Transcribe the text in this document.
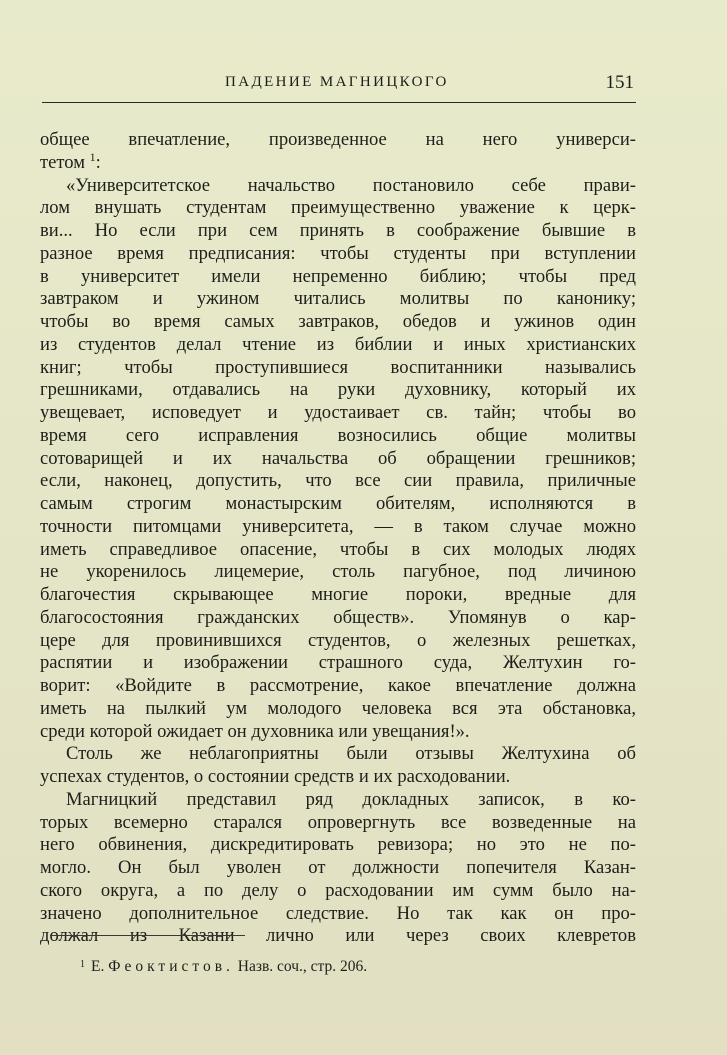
ПАДЕНИЕ МАГНИЦКОГО	151
общее впечатление, произведенное на него универси-
тетом $^1$:
«Университетское начальство постановило себе прави-
лом внушать студентам преимущественно уважение к церк-
ви... Но если при сем принять в соображение бывшие в
разное время предписания: чтобы студенты при вступлении
в университет имели непременно библию; чтобы пред
завтраком и ужином читались молитвы по канонику;
чтобы во время самых завтраков, обедов и ужинов один
из студентов делал чтение из библии и иных христианских
книг; чтобы проступившиеся воспитанники назывались
грешниками, отдавались на руки духовнику, который их
увещевает, исповедует и удостаивает св. тайн; чтобы во
время сего исправления возносились общие молитвы
сотоварищей и их начальства об обращении грешников;
если, наконец, допустить, что все сии правила, приличные
самым строгим монастырским обителям, исполняются в
точности питомцами университета, — в таком случае можно
иметь справедливое опасение, чтобы в сих молодых людях
не укоренилось лицемерие, столь пагубное, под личиною
благочестия скрывающее многие пороки, вредные для
благосостояния гражданских обществ». Упомянув о кар-
цере для провинившихся студентов, о железных решетках,
распятии и изображении страшного суда, Желтухин го-
ворит: «Войдите в рассмотрение, какое впечатление должна
иметь на пылкий ум молодого человека вся эта обстановка,
среди которой ожидает он духовника или увещания!».
Столь же неблагоприятны были отзывы Желтухина об
успехах студентов, о состоянии средств и их расходовании.
Магницкий представил ряд докладных записок, в ко-
торых всемерно старался опровергнуть все возведенные на
него обвинения, дискредитировать ревизора; но это не по-
могло. Он был уволен от должности попечителя Казан-
ского округа, а по делу о расходовании им сумм было на-
значено дополнительное следствие. Но так как он про-
должал из Казани лично или через своих клевретов
$^1$ Е. Феоктистов. Назв. соч., стр. 206.
